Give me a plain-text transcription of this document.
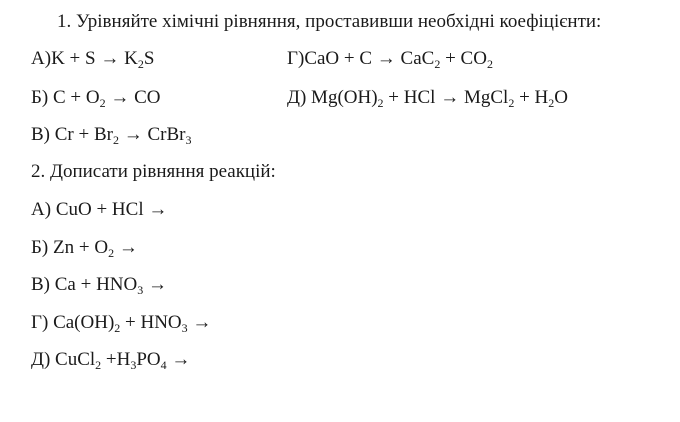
1. Урівняйте хімічні рівняння, проставивши необхідні коефіцієнти:
$A)K + S \to K_2S$	$Г)CaO + C \to CaC_2 + CO_2$
Б) $C + O_2$ → CO	Д) $Mg(OH)_2$ + HCl → MgCl$_2$ + $H_2O$
B) $Cr + Br_2$ → CrBr$_3$
2. Дописати рівняння реакцій:
A) CuO + HCl →
Б) $Zn + O_2$ →
B) $Ca + HNO_3$ →
Г) $Ca(OH)_2 + HNO_3$ →
Д) CuCl$_2$ $+H_3PO_4$ →
